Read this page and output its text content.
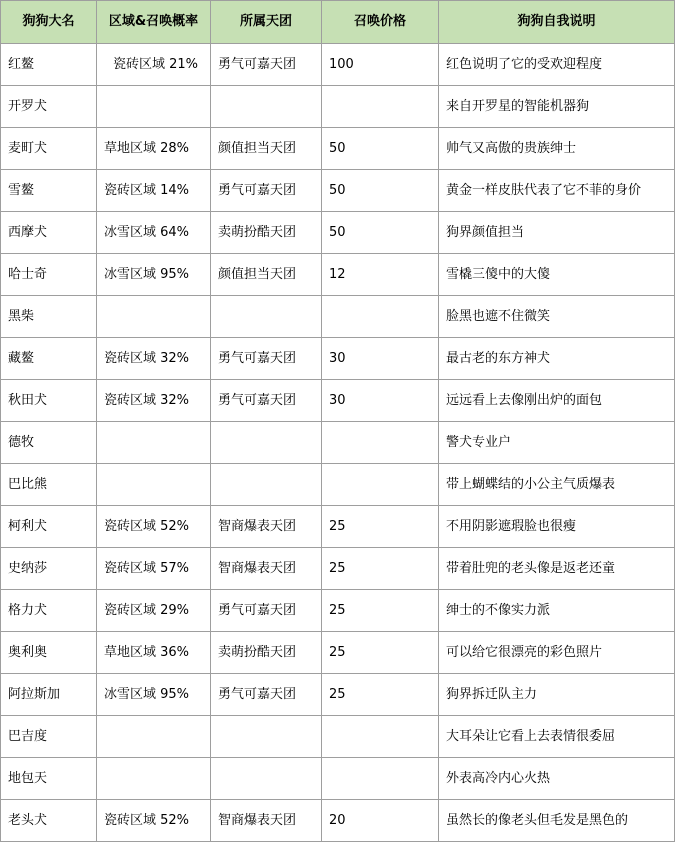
狗狗大名	区域&召唤概率	所属天团	召唤价格	狗狗自我说明
红鳌	瓷砖区域 21%	勇气可嘉天团	100	红色说明了它的受欢迎程度
开罗犬				来自开罗星的智能机器狗
麦町犬	草地区域 28%	颜值担当天团	50	帅气又高傲的贵族绅士
雪鳌	瓷砖区域 14%	勇气可嘉天团	50	黄金一样皮肤代表了它不菲的身价
西摩犬	冰雪区域 64%	卖萌扮酷天团	50	狗界颜值担当
哈士奇	冰雪区域 95%	颜值担当天团	12	雪橇三傻中的大傻
黑柴				脸黑也遮不住微笑
藏鳌	瓷砖区域 32%	勇气可嘉天团	30	最古老的东方神犬
秋田犬	瓷砖区域 32%	勇气可嘉天团	30	远远看上去像刚出炉的面包
德牧				警犬专业户
巴比熊				带上蝴蝶结的小公主气质爆表
柯利犬	瓷砖区域 52%	智商爆表天团	25	不用阴影遮瑕脸也很瘦
史纳莎	瓷砖区域 57%	智商爆表天团	25	带着肚兜的老头像是返老还童
格力犬	瓷砖区域 29%	勇气可嘉天团	25	绅士的不像实力派
奥利奥	草地区域 36%	卖萌扮酷天团	25	可以给它很漂亮的彩色照片
阿拉斯加	冰雪区域 95%	勇气可嘉天团	25	狗界拆迁队主力
巴吉度				大耳朵让它看上去表情很委屈
地包天				外表高冷内心火热
老头犬	瓷砖区域 52%	智商爆表天团	20	虽然长的像老头但毛发是黑色的
